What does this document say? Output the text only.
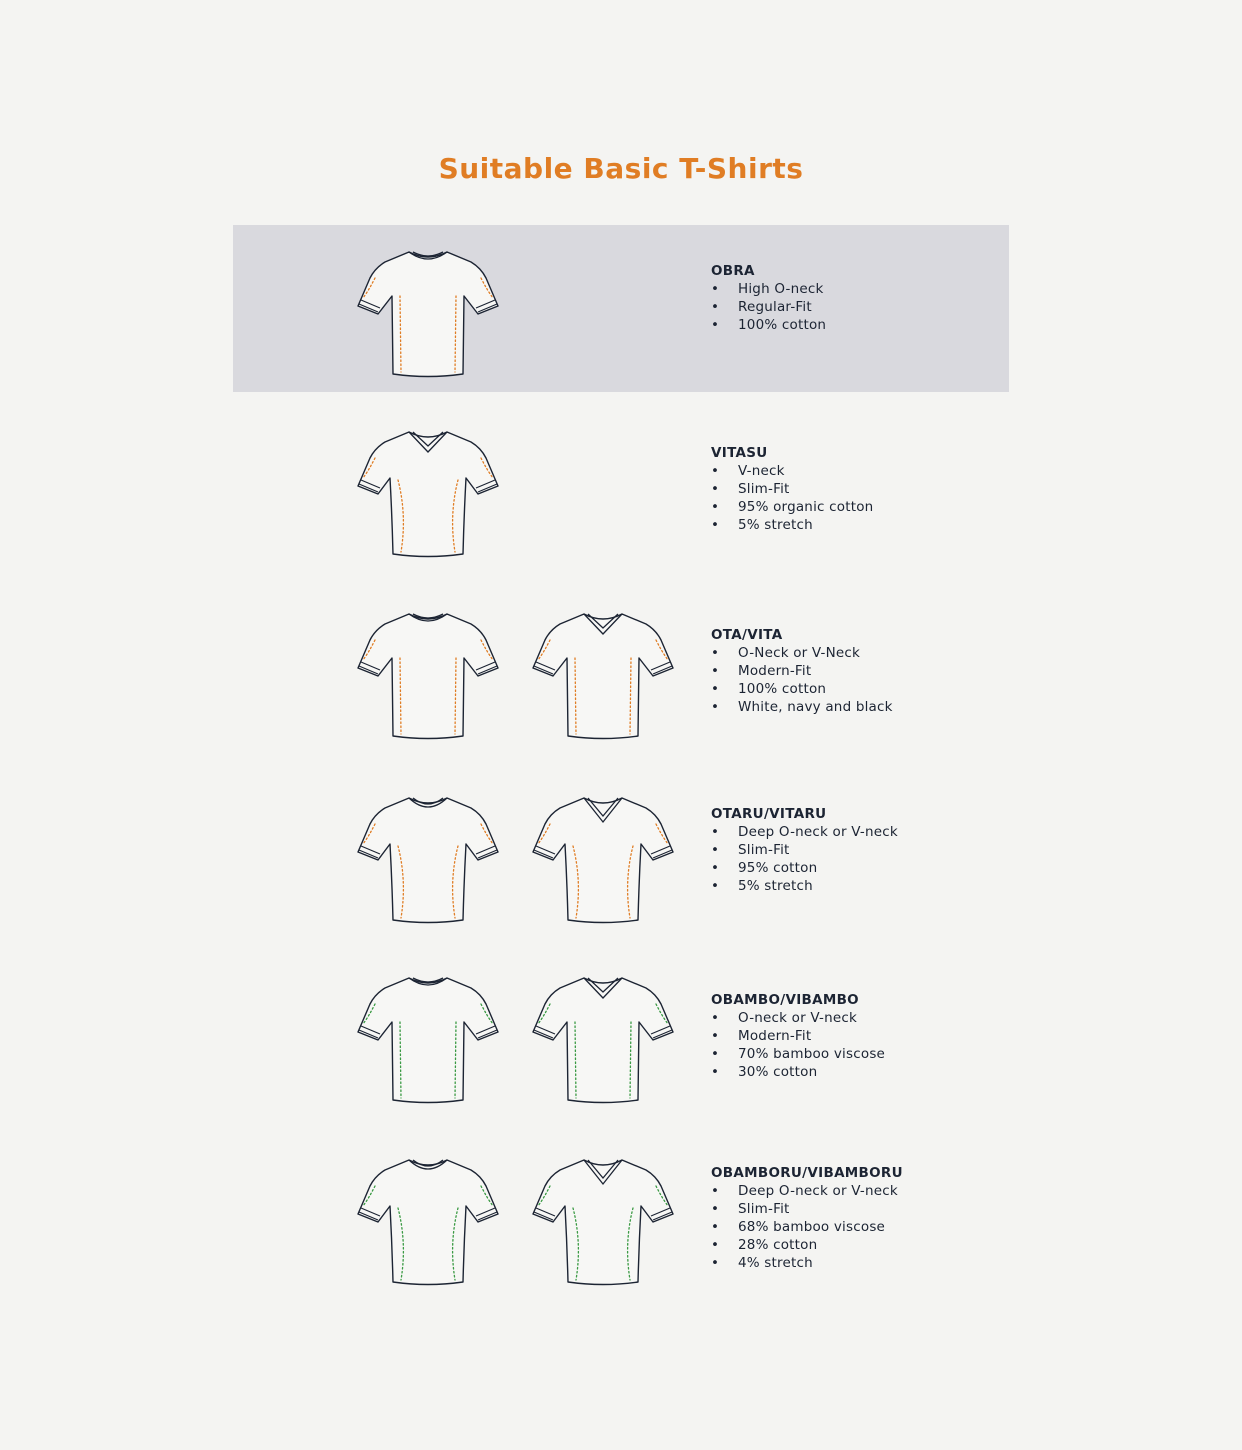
Suitable Basic T-Shirts
OBRA
• High O-neck
• Regular-Fit
• 100% cotton
VITASU
• V-neck
• Slim-Fit
• 95% organic cotton
• 5% stretch
OTA/VITA
• O-Neck or V-Neck
• Modern-Fit
• 100% cotton
• White, navy and black
OTARU/VITARU
• Deep O-neck or V-neck
• Slim-Fit
• 95% cotton
• 5% stretch
OBAMBO/VIBAMBO
• O-neck or V-neck
• Modern-Fit
• 70% bamboo viscose
• 30% cotton
OBAMBORU/VIBAMBORU
• Deep O-neck or V-neck
• Slim-Fit
• 68% bamboo viscose
• 28% cotton
• 4% stretch
